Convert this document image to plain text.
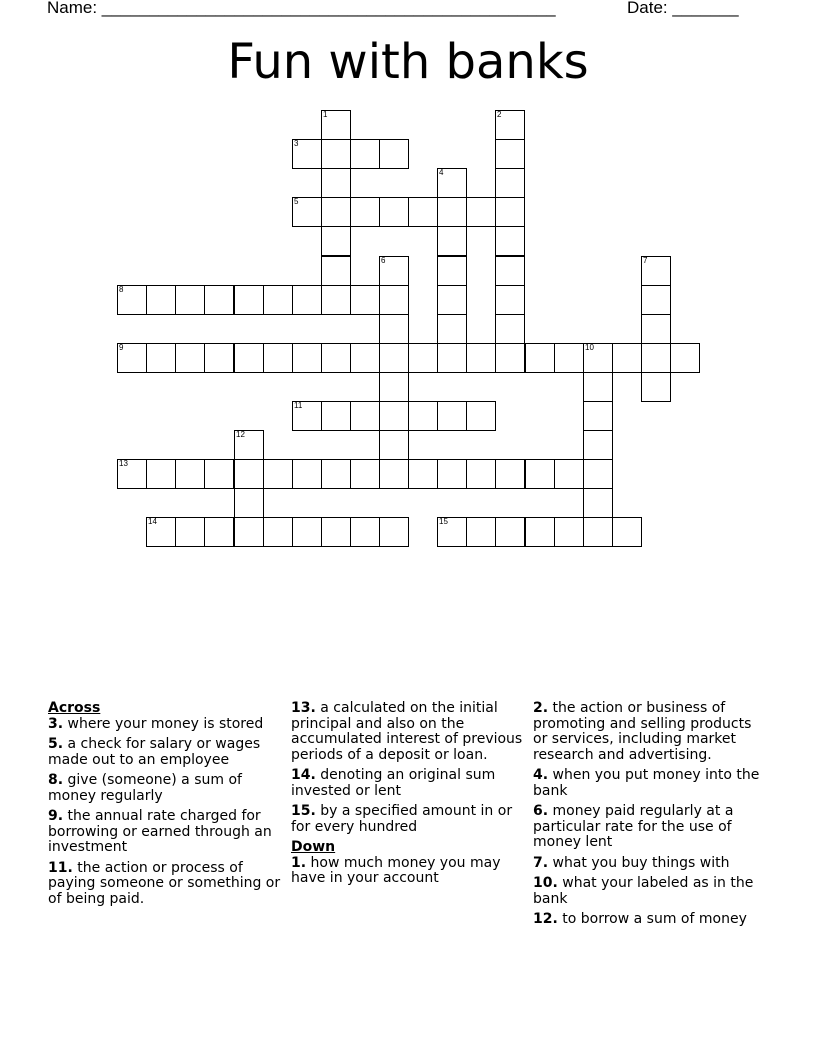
Name: ________________________________________________	Date: _______
Fun with banks
1	2
3
4
5
6	7
8
9	10
11
12
13
14	15
Across
3. where your money is stored
5. a check for salary or wages made out to an employee
8. give (someone) a sum of money regularly
9. the annual rate charged for borrowing or earned through an investment
11. the action or process of paying someone or something or of being paid.
13. a calculated on the initial principal and also on the accumulated interest of previous periods of a deposit or loan.
14. denoting an original sum invested or lent
15. by a specified amount in or for every hundred
Down
1. how much money you may have in your account
2. the action or business of promoting and selling products or services, including market research and advertising.
4. when you put money into the bank
6. money paid regularly at a particular rate for the use of money lent
7. what you buy things with
10. what your labeled as in the bank
12. to borrow a sum of money
